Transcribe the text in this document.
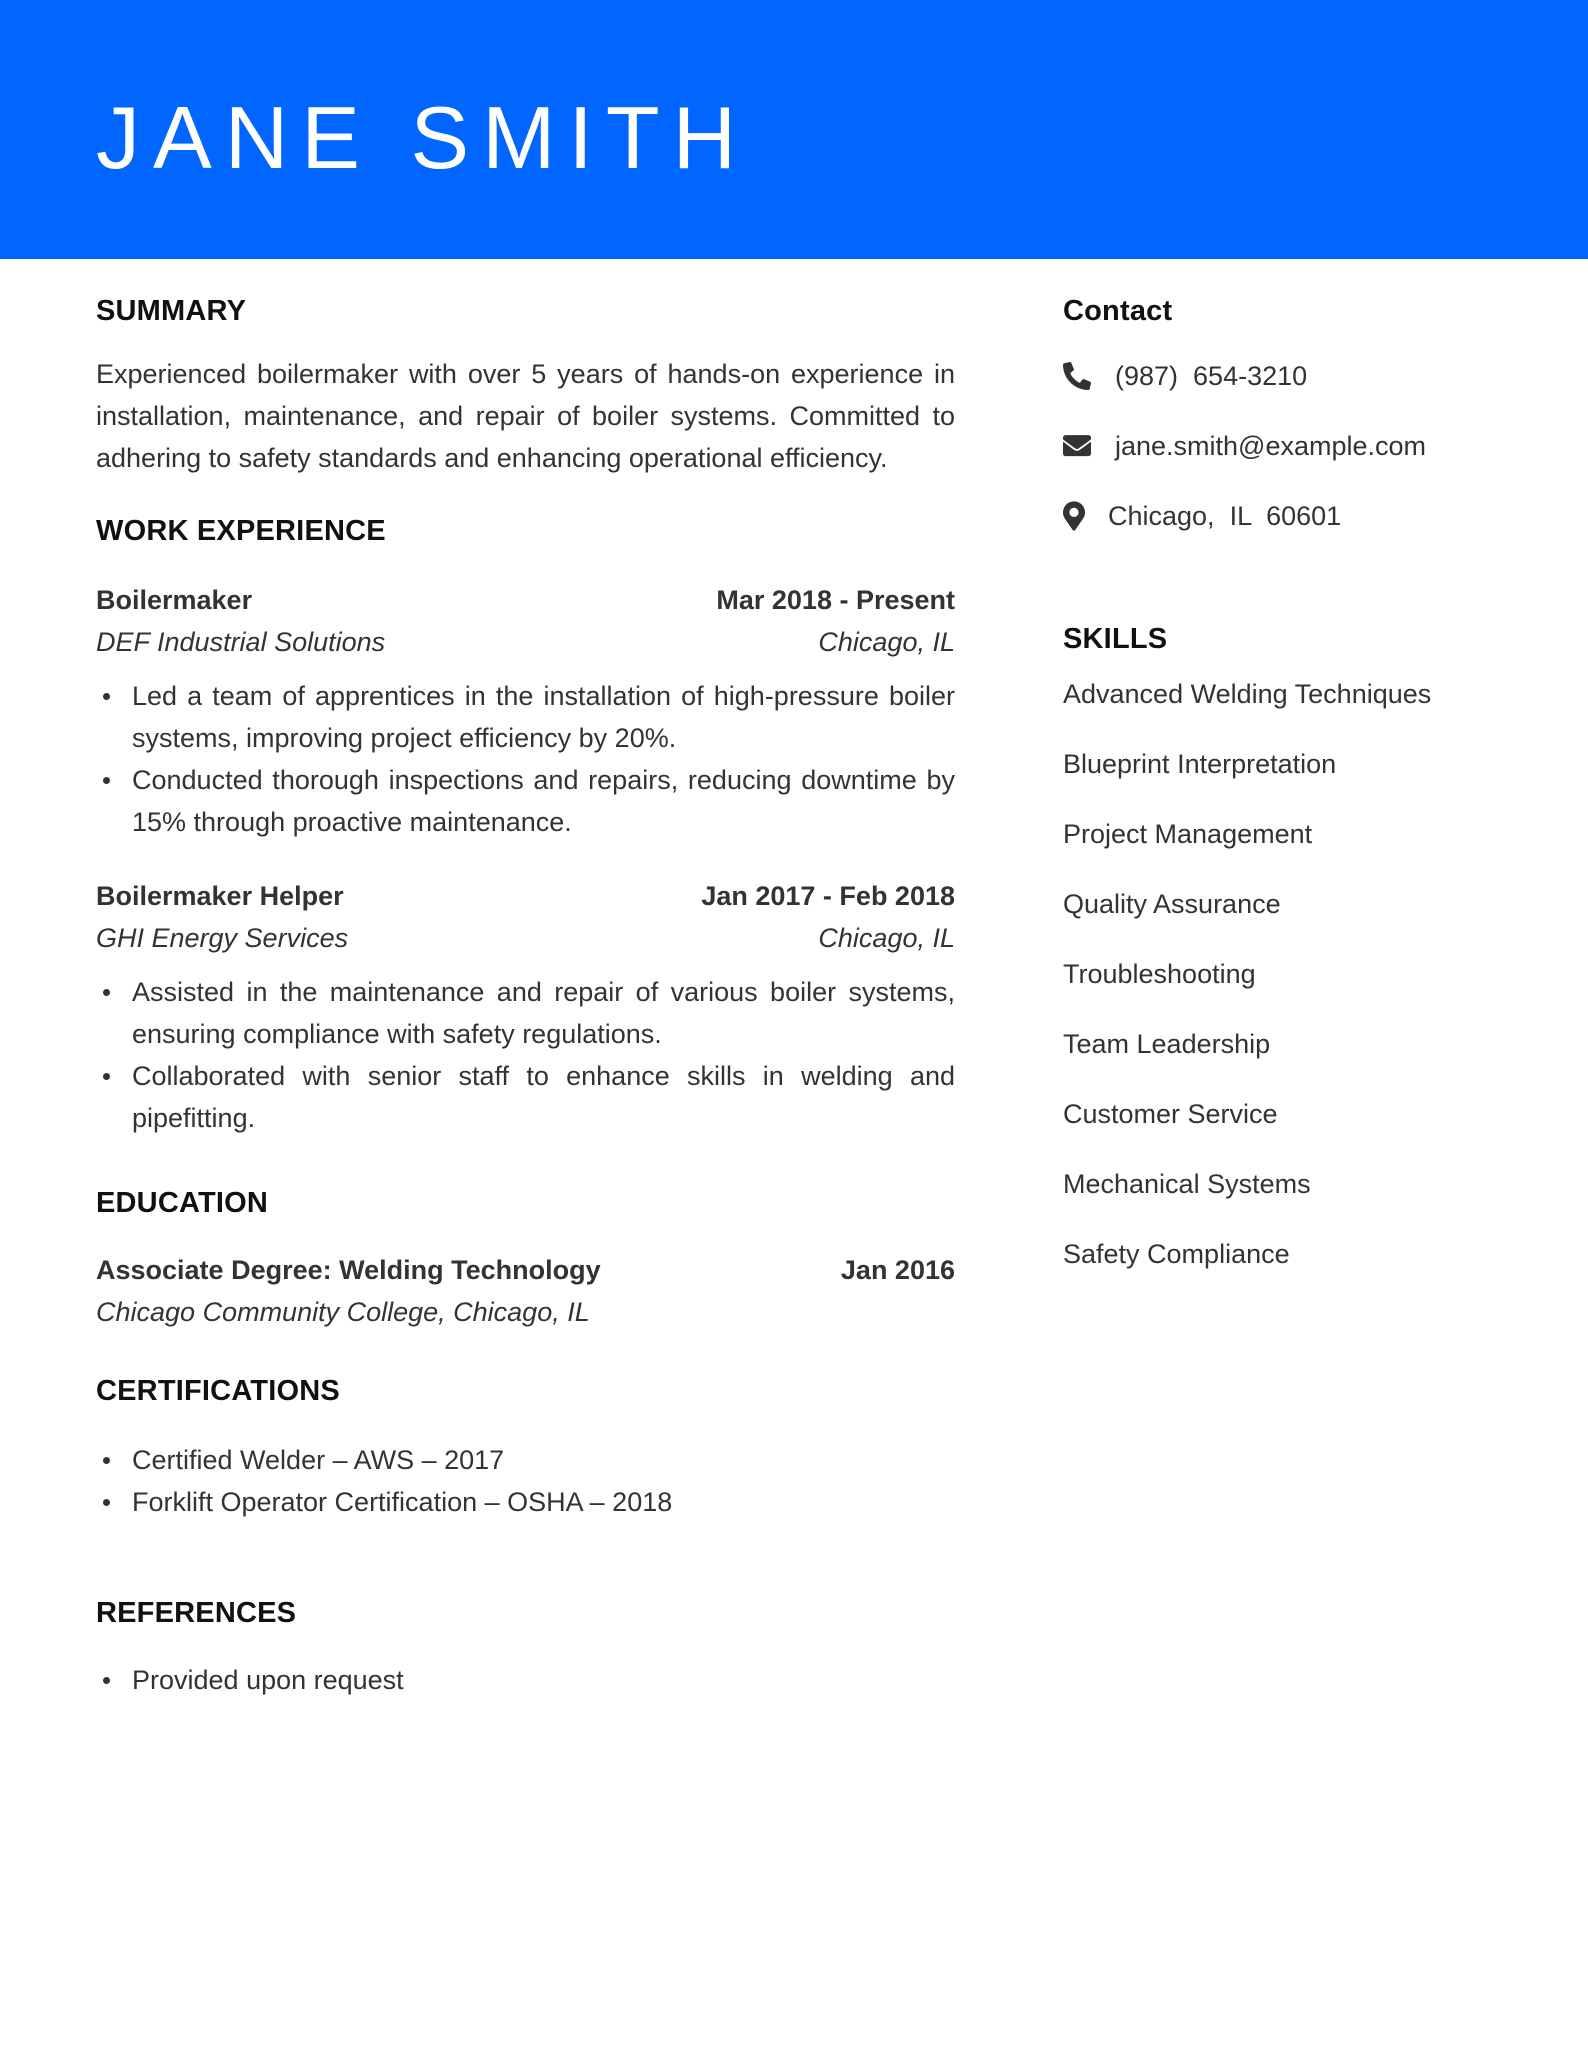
JANE SMITH
SUMMARY

Experienced boilermaker with over 5 years of hands-on experience in installation, maintenance, and repair of boiler systems. Committed to adhering to safety standards and enhancing operational efficiency.

WORK EXPERIENCE
Boilermaker	Mar 2018 - Present
DEF Industrial Solutions	Chicago, IL
Led a team of apprentices in the installation of high-pressure boiler systems, improving project efficiency by 20%.
Conducted thorough inspections and repairs, reducing downtime by 15% through proactive maintenance.
Boilermaker Helper	Jan 2017 - Feb 2018
GHI Energy Services	Chicago, IL
Assisted in the maintenance and repair of various boiler systems, ensuring compliance with safety regulations.
Collaborated with senior staff to enhance skills in welding and pipefitting.
EDUCATION
Associate Degree: Welding Technology	Jan 2016
Chicago Community College, Chicago, IL
CERTIFICATIONS
Certified Welder – AWS – 2017
Forklift Operator Certification – OSHA – 2018
REFERENCES
Provided upon request
Contact
(987)  654-3210
jane.smith@example.com
Chicago,  IL  60601
SKILLS
Advanced Welding Techniques
Blueprint Interpretation
Project Management
Quality Assurance
Troubleshooting
Team Leadership
Customer Service
Mechanical Systems
Safety Compliance
